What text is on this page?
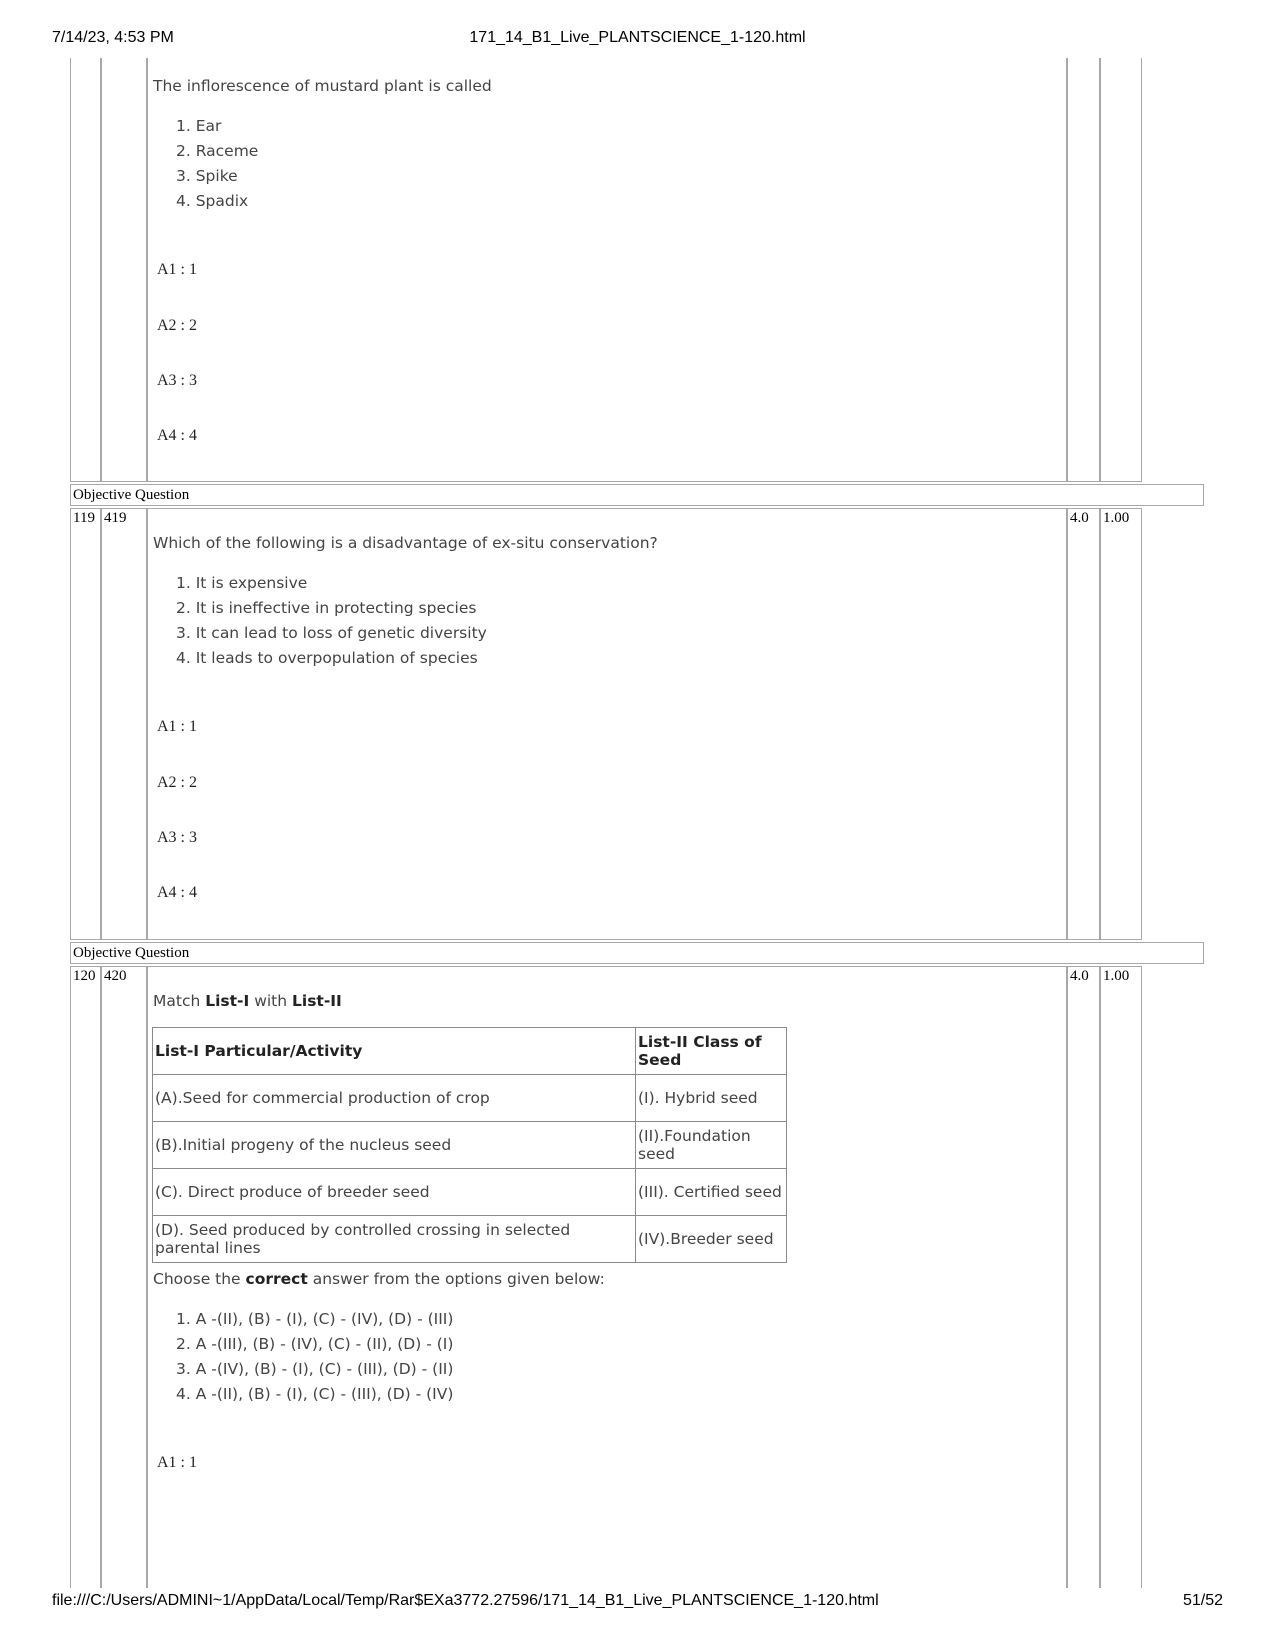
7/14/23, 4:53 PM	171_14_B1_Live_PLANTSCIENCE_1-120.html
The inflorescence of mustard plant is called
1. Ear
2. Raceme
3. Spike
4. Spadix
A1 : 1
A2 : 2
A3 : 3
A4 : 4
Objective Question
119 419	4.0 1.00
Which of the following is a disadvantage of ex-situ conservation?
1. It is expensive
2. It is ineffective in protecting species
3. It can lead to loss of genetic diversity
4. It leads to overpopulation of species
A1 : 1
A2 : 2
A3 : 3
A4 : 4
Objective Question
120 420	4.0 1.00
Match List-I with List-II
List-I Particular/Activity	List-II Class of Seed
(A).Seed for commercial production of crop	(I). Hybrid seed
(B).Initial progeny of the nucleus seed	(II).Foundation seed
(C). Direct produce of breeder seed	(III). Certified seed
(D). Seed produced by controlled crossing in selected parental lines	(IV).Breeder seed
Choose the correct answer from the options given below:
1. A -(II), (B) - (I), (C) - (IV), (D) - (III)
2. A -(III), (B) - (IV), (C) - (II), (D) - (I)
3. A -(IV), (B) - (I), (C) - (III), (D) - (II)
4. A -(II), (B) - (I), (C) - (III), (D) - (IV)
A1 : 1
file:///C:/Users/ADMINI~1/AppData/Local/Temp/Rar$EXa3772.27596/171_14_B1_Live_PLANTSCIENCE_1-120.html	51/52
